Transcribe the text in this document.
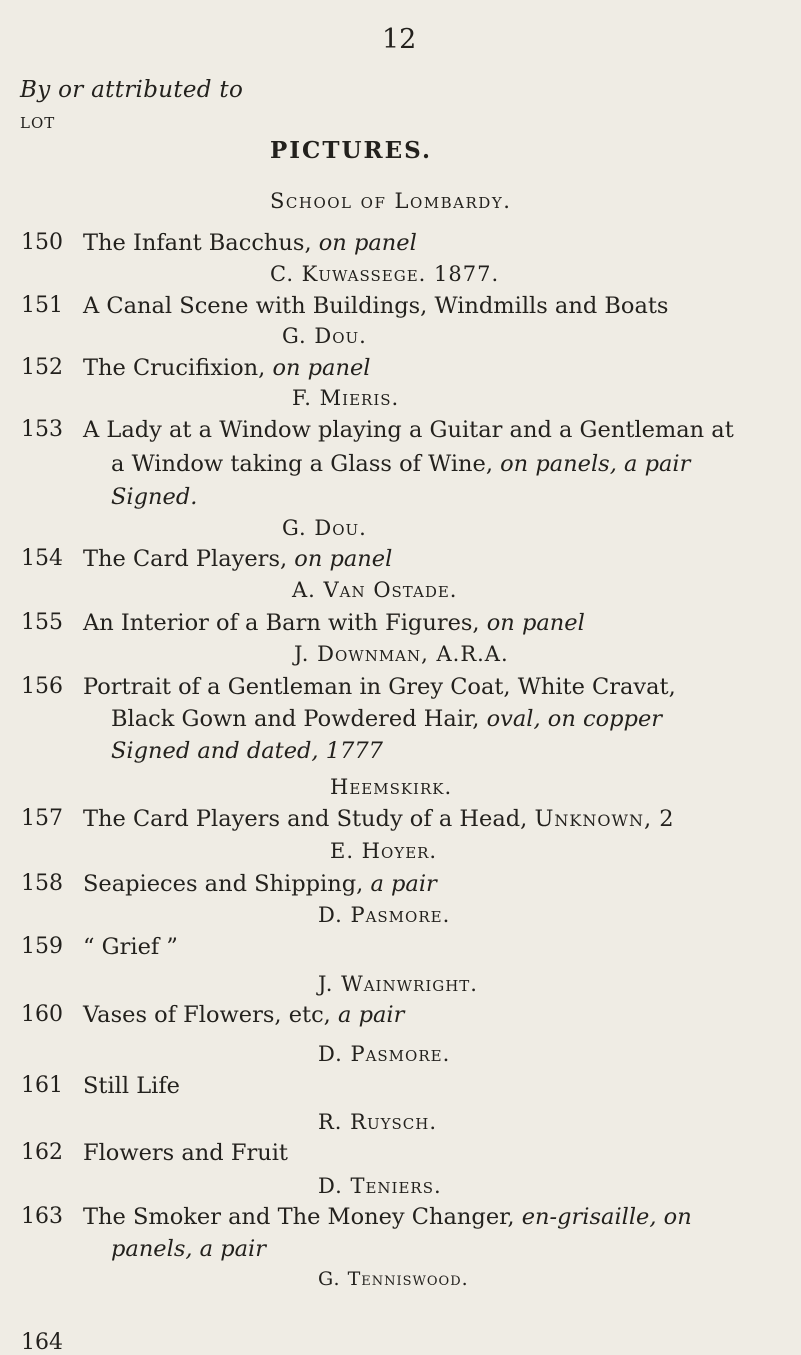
12
By or attributed to
LOT
PICTURES.
School of Lombardy.
150 The Infant Bacchus, on panel
C. Kuwassege. 1877.
151 A Canal Scene with Buildings, Windmills and Boats
G. Dou.
152 The Crucifixion, on panel
F. Mieris.
153 A Lady at a Window playing a Guitar and a Gentleman at
a Window taking a Glass of Wine, on panels, a pair
Signed.
G. Dou.
154 The Card Players, on panel
A. Van Ostade.
155 An Interior of a Barn with Figures, on panel
J. Downman, A.R.A.
156 Portrait of a Gentleman in Grey Coat, White Cravat,
Black Gown and Powdered Hair, oval, on copper
Signed and dated, 1777
Heemskirk.
157 The Card Players and Study of a Head, Unknown, 2
E. Hoyer.
158 Seapieces and Shipping, a pair
D. Pasmore.
159 “ Grief ”
J. Wainwright.
160 Vases of Flowers, etc, a pair
D. Pasmore.
161 Still Life
R. Ruysch.
162 Flowers and Fruit
D. Teniers.
163 The Smoker and The Money Changer, en-grisaille, on
panels, a pair
G. Tenniswood.
164
